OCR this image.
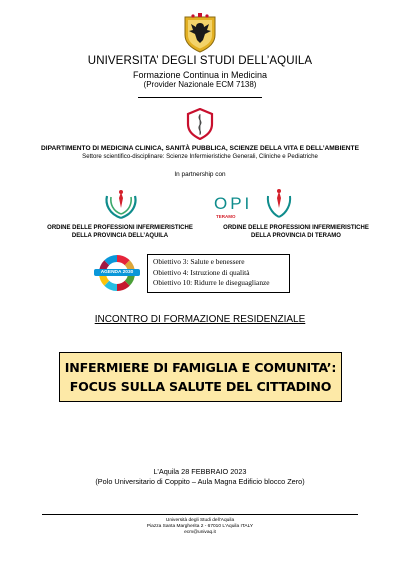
UNIVERSITA’ DEGLI STUDI DELL’AQUILA
Formazione Continua in Medicina
(Provider Nazionale ECM 7138)
DIPARTIMENTO DI MEDICINA CLINICA, SANITÀ PUBBLICA, SCIENZE DELLA VITA E DELL’AMBIENTE
Settore scientifico-disciplinare: Scienze Infermieristiche Generali, Cliniche e Pediatriche
In partnership con
OPI
TERAMO
ORDINE DELLE PROFESSIONI INFERMIERISTICHE
DELLA PROVINCIA DELL’AQUILA
ORDINE DELLE PROFESSIONI INFERMIERISTICHE
DELLA PROVINCIA DI TERAMO
AGENDA 2030
Obiettivo 3: Salute e benessere
Obiettivo 4: Istruzione di qualità
Obiettivo 10: Ridurre le diseguaglianze
INCONTRO DI FORMAZIONE RESIDENZIALE
INFERMIERE DI FAMIGLIA E COMUNITA’:
FOCUS SULLA SALUTE DEL CITTADINO
L’Aquila 28 FEBBRAIO 2023
(Polo Universitario di Coppito – Aula Magna Edificio blocco Zero)
Università degli Studi dell’Aquila
Piazza Santa Margherita 2 - 67010 L’Aquila ITALY
ecm@univaq.it
